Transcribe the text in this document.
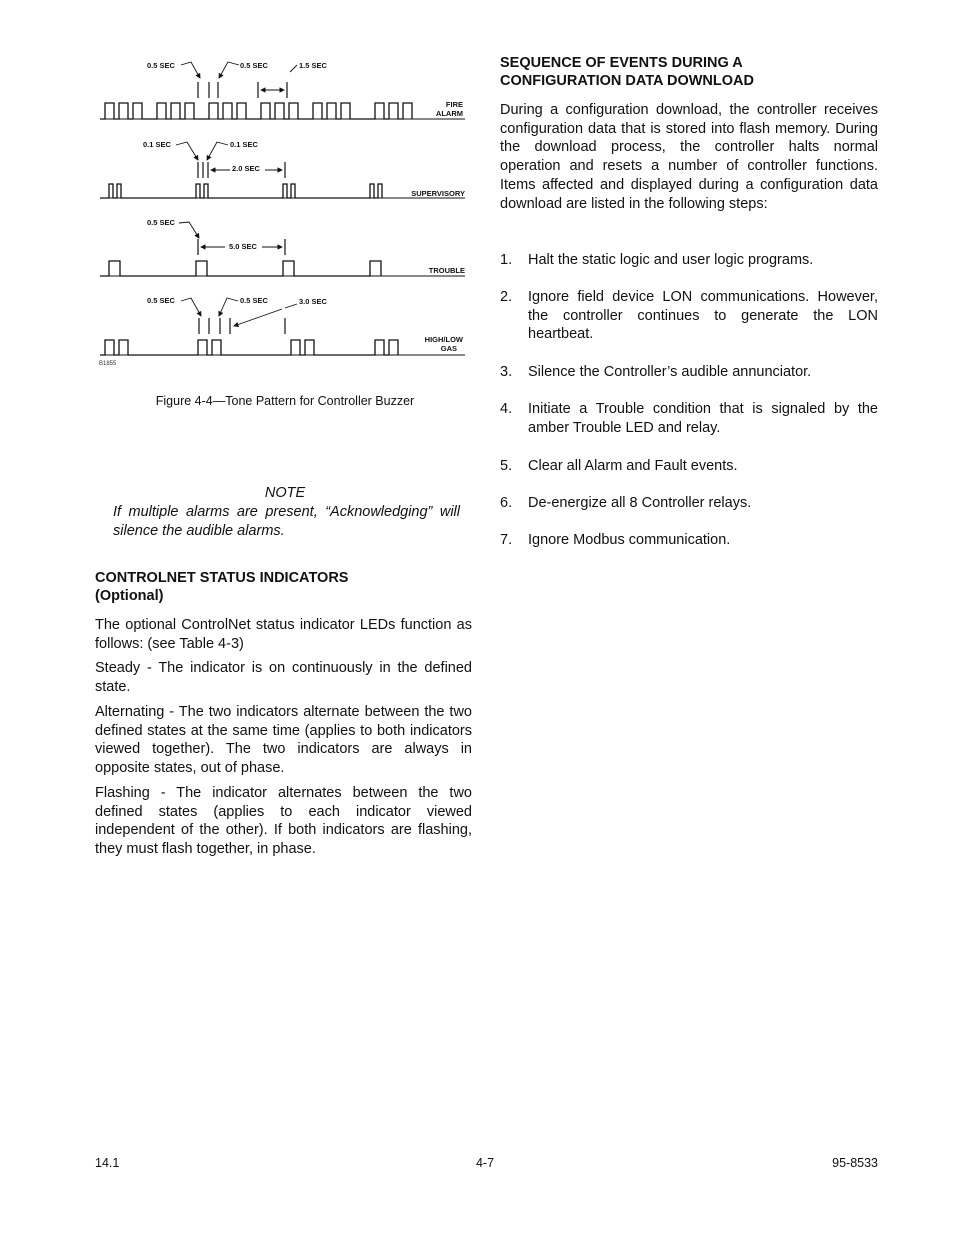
0.5 SEC	0.5 SEC	1.5 SEC
FIRE
ALARM
0.1 SEC	0.1 SEC
2.0 SEC
SUPERVISORY
0.5 SEC
5.0 SEC
TROUBLE
0.5 SEC	0.5 SEC	3.0 SEC
HIGH/LOW
GAS
B1855
Figure 4-4—Tone Pattern for Controller Buzzer
NOTE
If multiple alarms are present, “Acknowledging” will silence the audible alarms.
CONTROLNET STATUS INDICATORS
(Optional)

The optional ControlNet status indicator LEDs function as follows: (see Table 4-3)

Steady - The indicator is on continuously in the defined state.

Alternating - The two indicators alternate between the two defined states at the same time (applies to both indicators viewed together). The two indicators are always in opposite states, out of phase.

Flashing - The indicator alternates between the two defined states (applies to each indicator viewed independent of the other). If both indicators are flashing, they must flash together, in phase.

SEQUENCE OF EVENTS DURING A
CONFIGURATION DATA DOWNLOAD

During a configuration download, the controller receives configuration data that is stored into flash memory. During the download process, the controller halts normal operation and resets a number of controller functions. Items affected and displayed during a configuration data download are listed in the following steps:

1.	Halt the static logic and user logic programs.
2.	Ignore field device LON communications. However, the controller continues to generate the LON heartbeat.
3.	Silence the Controller’s audible annunciator.
4.	Initiate a Trouble condition that is signaled by the amber Trouble LED and relay.
5.	Clear all Alarm and Fault events.
6.	De-energize all 8 Controller relays.
7.	Ignore Modbus communication.
14.1	4-7	95-8533
